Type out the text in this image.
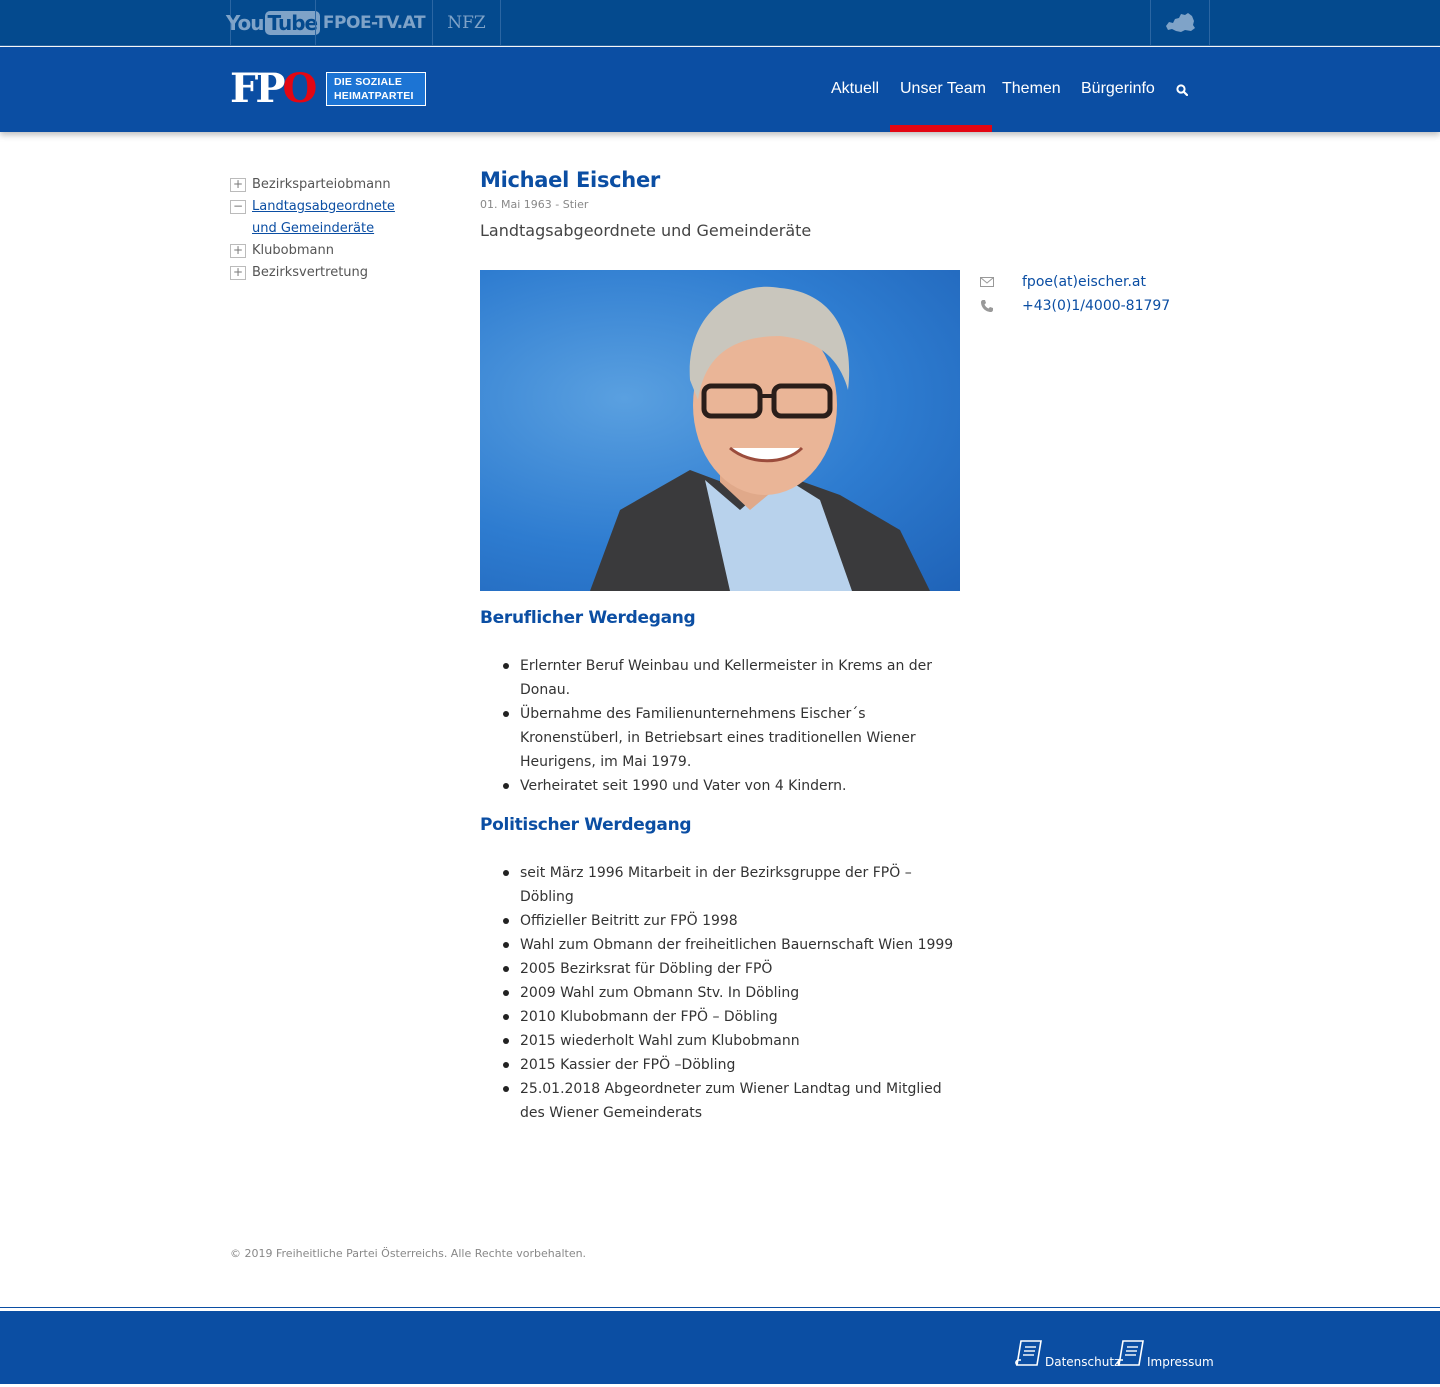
You Tube FPOE-TV.AT	NFZ
FPO DIE SOZIALE
HEIMATPARTEI	Aktuell Unser Team Themen Bürgerinfo
+ Bezirksparteiobmann
− Landtagsabgeordnete und Gemeinderäte
+ Klubobmann
+ Bezirksvertretung
Michael Eischer
01. Mai 1963 - Stier
Landtagsabgeordnete und Gemeinderäte
fpoe(at)eischer.at
+43(0)1/4000-81797
Beruflicher Werdegang
Erlernter Beruf Weinbau und Kellermeister in Krems an der Donau.
Übernahme des Familienunternehmens Eischer´s Kronenstüberl, in Betriebsart eines traditionellen Wiener Heurigens, im Mai 1979.
Verheiratet seit 1990 und Vater von 4 Kindern.
Politischer Werdegang
seit März 1996 Mitarbeit in der Bezirksgruppe der FPÖ – Döbling
Offizieller Beitritt zur FPÖ 1998
Wahl zum Obmann der freiheitlichen Bauernschaft Wien 1999
2005 Bezirksrat für Döbling der FPÖ
2009 Wahl zum Obmann Stv. In Döbling
2010 Klubobmann der FPÖ – Döbling
2015 wiederholt Wahl zum Klubobmann
2015 Kassier der FPÖ –Döbling
25.01.2018 Abgeordneter zum Wiener Landtag und Mitglied des Wiener Gemeinderats
© 2019 Freiheitliche Partei Österreichs. Alle Rechte vorbehalten.
Datenschutz	Impressum
